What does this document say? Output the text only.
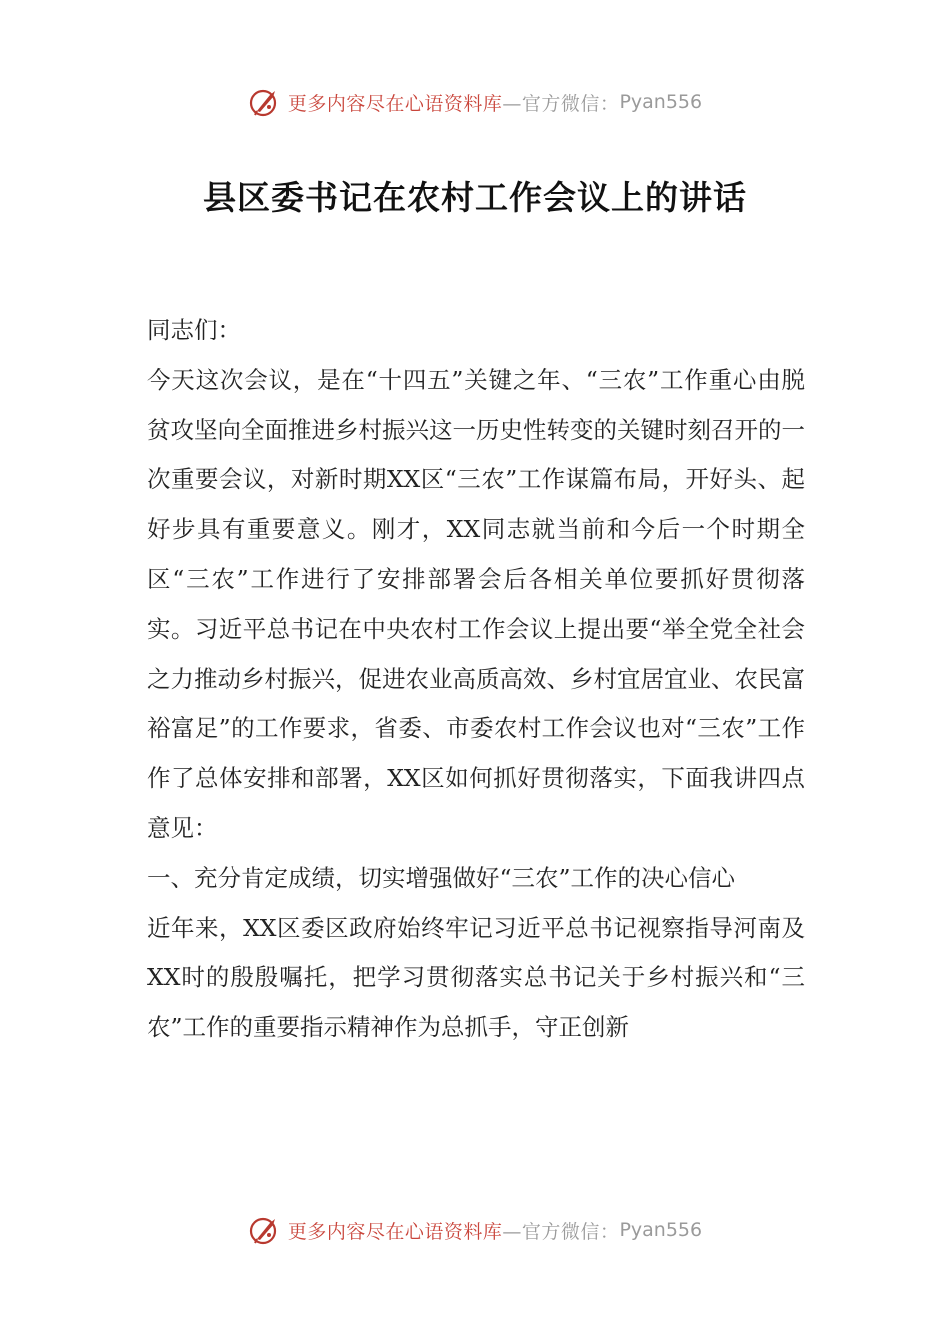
更多内容尽在心语资料库 —官方微信： Pyan556
县区委书记在农村工作会议上的讲话

同志们：

今天这次会议，是在“十四五”关键之年、“三农”工作重心由脱贫攻坚向全面推进乡村振兴这一历史性转变的关键时刻召开的一次重要会议，对新时期XX区“三农”工作谋篇布局，开好头、起好步具有重要意义。刚才，XX同志就当前和今后一个时期全区“三农”工作进行了安排部署会后各相关单位要抓好贯彻落实。习近平总书记在中央农村工作会议上提出要“举全党全社会之力推动乡村振兴，促进农业高质高效、乡村宜居宜业、农民富裕富足”的工作要求，省委、市委农村工作会议也对“三农”工作作了总体安排和部署，XX区如何抓好贯彻落实，下面我讲四点意见：

一、充分肯定成绩，切实增强做好“三农”工作的决心信心

近年来，XX区委区政府始终牢记习近平总书记视察指导河南及XX时的殷殷嘱托，把学习贯彻落实总书记关于乡村振兴和“三农”工作的重要指示精神作为总抓手，守正创新

更多内容尽在心语资料库 —官方微信： Pyan556
